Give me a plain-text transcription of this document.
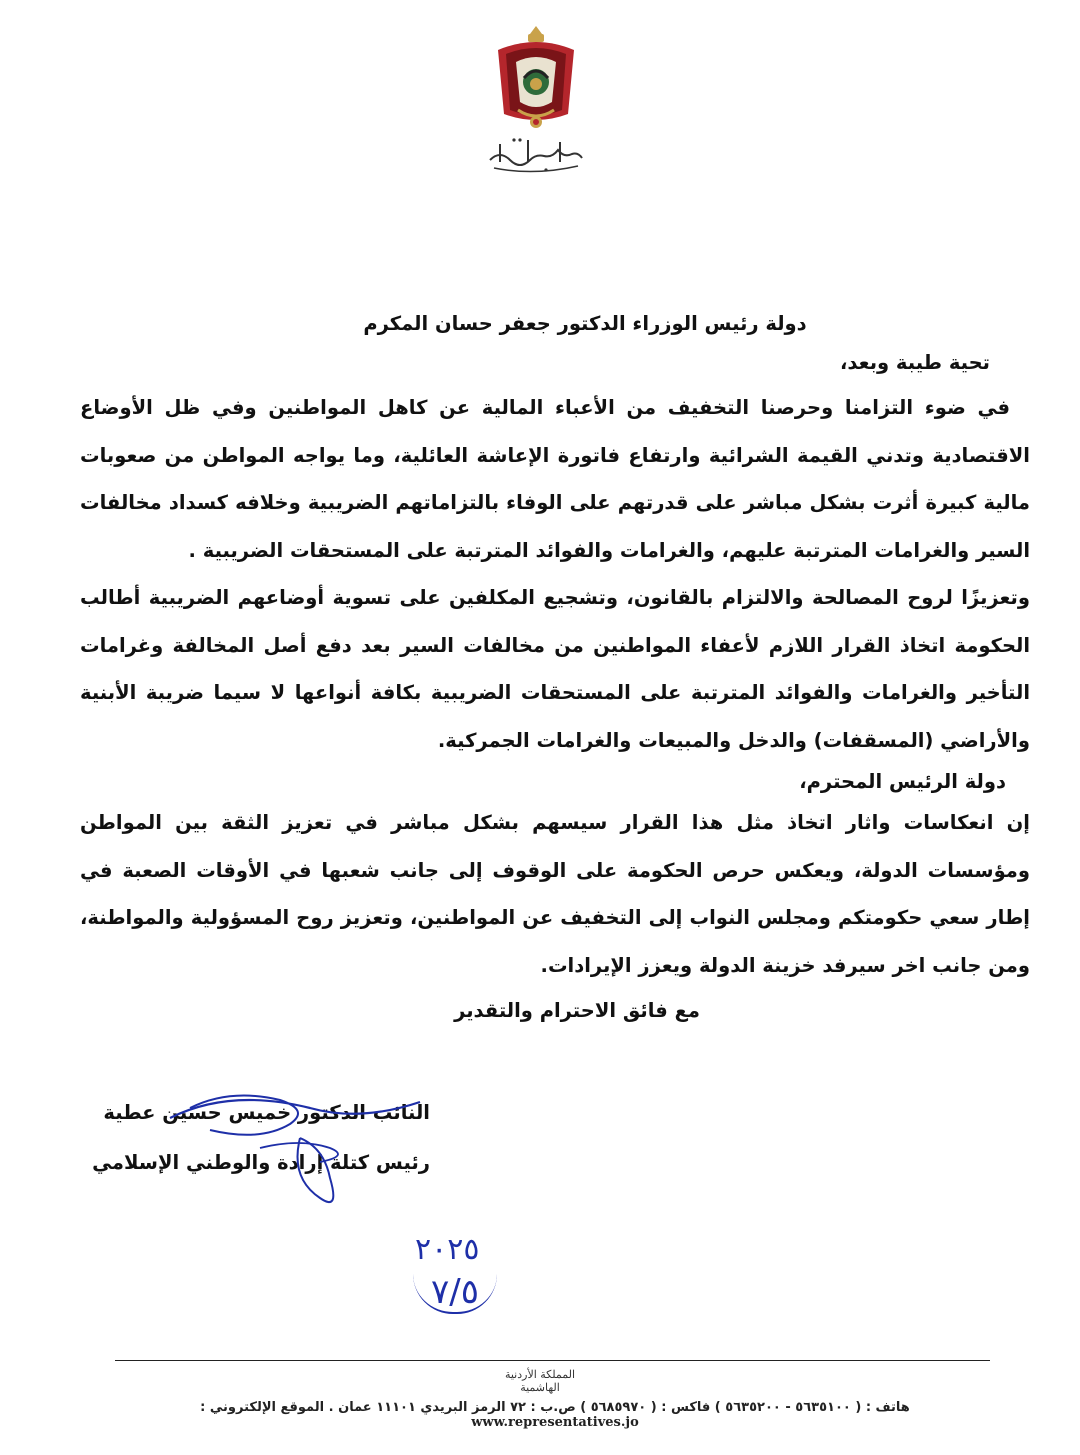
دولة رئيس الوزراء الدكتور جعفر حسان المكرم
تحية طيبة وبعد،

في ضوء التزامنا وحرصنا التخفيف من الأعباء المالية عن كاهل المواطنين وفي ظل الأوضاع الاقتصادية وتدني القيمة الشرائية وارتفاع فاتورة الإعاشة العائلية، وما يواجه المواطن من صعوبات مالية كبيرة أثرت بشكل مباشر على قدرتهم على الوفاء بالتزاماتهم الضريبية وخلافه كسداد مخالفات السير والغرامات المترتبة عليهم، والغرامات والفوائد المترتبة على المستحقات الضريبية .

وتعزيزًا لروح المصالحة والالتزام بالقانون، وتشجيع المكلفين على تسوية أوضاعهم الضريبية أطالب الحكومة اتخاذ القرار اللازم لأعفاء المواطنين من مخالفات السير بعد دفع أصل المخالفة وغرامات التأخير والغرامات والفوائد المترتبة على المستحقات الضريبية بكافة أنواعها لا سيما ضريبة الأبنية والأراضي (المسقفات) والدخل والمبيعات والغرامات الجمركية.

دولة الرئيس المحترم،

إن انعكاسات واثار اتخاذ مثل هذا القرار سيسهم بشكل مباشر في تعزيز الثقة بين المواطن ومؤسسات الدولة، ويعكس حرص الحكومة على الوقوف إلى جانب شعبها في الأوقات الصعبة في إطار سعي حكومتكم ومجلس النواب إلى التخفيف عن المواطنين، وتعزيز روح المسؤولية والمواطنة، ومن جانب اخر سيرفد خزينة الدولة ويعزز الإيرادات.

مع فائق الاحترام والتقدير
النائب الدكتور خميس حسين عطية
رئيس كتلة إرادة والوطني الإسلامي
٢٠٢٥
٧/٥
المملكة الأردنية الهاشمية
هاتف : ( ٥٦٣٥١٠٠ - ٥٦٣٥٢٠٠ ) فاكس : ( ٥٦٨٥٩٧٠ ) ص.ب : ٧٢ الرمز البريدي ١١١٠١ عمان . الموقع الإلكتروني : www.representatives.jo
